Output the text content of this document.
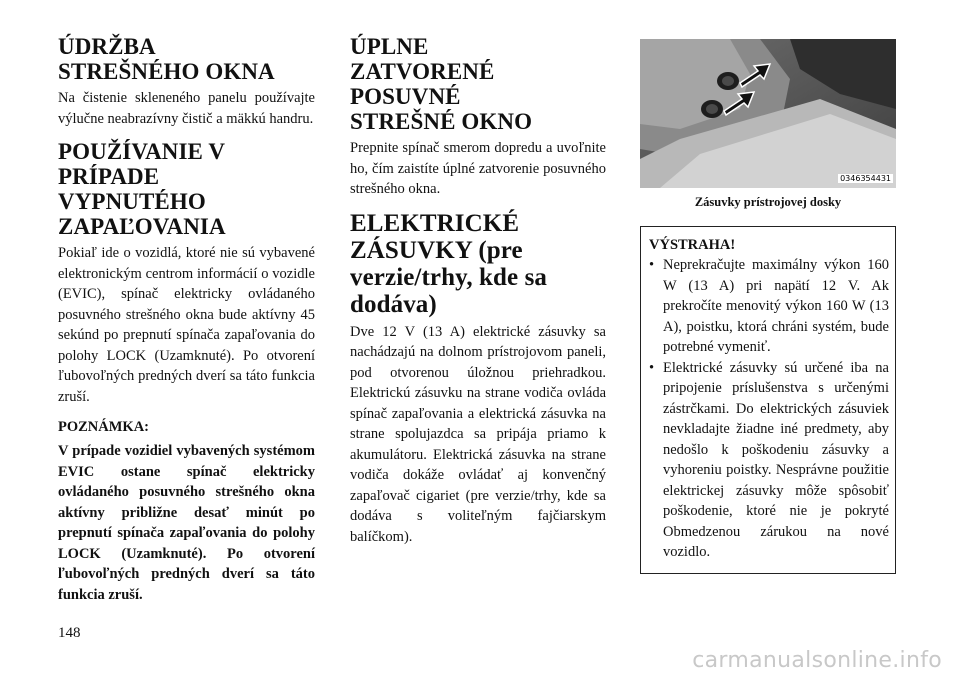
ÚDRŽBA STREŠNÉHO OKNA

Na čistenie skleneného panelu používajte výlučne neabrazívny čistič a mäkkú handru.

POUŽÍVANIE V PRÍPADE VYPNUTÉHO ZAPAĽOVANIA

Pokiaľ ide o vozidlá, ktoré nie sú vybavené elektronickým centrom informácií o vozidle (EVIC), spínač elektricky ovládaného posuvného strešného okna bude aktívny 45 sekúnd po prepnutí spínača zapaľovania do polohy LOCK (Uzamknuté). Po otvorení ľubovoľných predných dverí sa táto funkcia zruší.

POZNÁMKA:

V prípade vozidiel vybavených systémom EVIC ostane spínač elektricky ovládaného posuvného strešného okna aktívny približne desať minút po prepnutí spínača zapaľovania do polohy LOCK (Uzamknuté). Po otvorení ľubovoľných predných dverí sa táto funkcia zruší.

ÚPLNE ZATVORENÉ POSUVNÉ STREŠNÉ OKNO

Prepnite spínač smerom dopredu a uvoľnite ho, čím zaistíte úplné zatvorenie posuvného strešného okna.

ELEKTRICKÉ ZÁSUVKY (pre verzie/trhy, kde sa dodáva)

Dve 12 V (13 A) elektrické zásuvky sa nachádzajú na dolnom prístrojovom paneli, pod otvorenou úložnou priehradkou. Elektrickú zásuvku na strane vodiča ovláda spínač zapaľovania a elektrická zásuvka na strane spolujazdca sa pripája priamo k akumulátoru. Elektrická zásuvka na strane vodiča dokáže ovládať aj konvenčný zapaľovač cigariet (pre verzie/trhy, kde sa dodáva s voliteľným fajčiarskym balíčkom).

0346354431
Zásuvky prístrojovej dosky
VÝSTRAHA!
• Neprekračujte maximálny výkon 160 W (13 A) pri napätí 12 V. Ak prekročíte menovitý výkon 160 W (13 A), poistku, ktorá chráni systém, bude potrebné vymeniť.
• Elektrické zásuvky sú určené iba na pripojenie príslušenstva s určenými zástrčkami. Do elektrických zásuviek nevkladajte žiadne iné predmety, aby nedošlo k poškodeniu zásuvky a vyhoreniu poistky. Nesprávne použitie elektrickej zásuvky môže spôsobiť poškodenie, ktoré nie je pokryté Obmedzenou zárukou na nové vozidlo.
148
carmanualsonline.info
